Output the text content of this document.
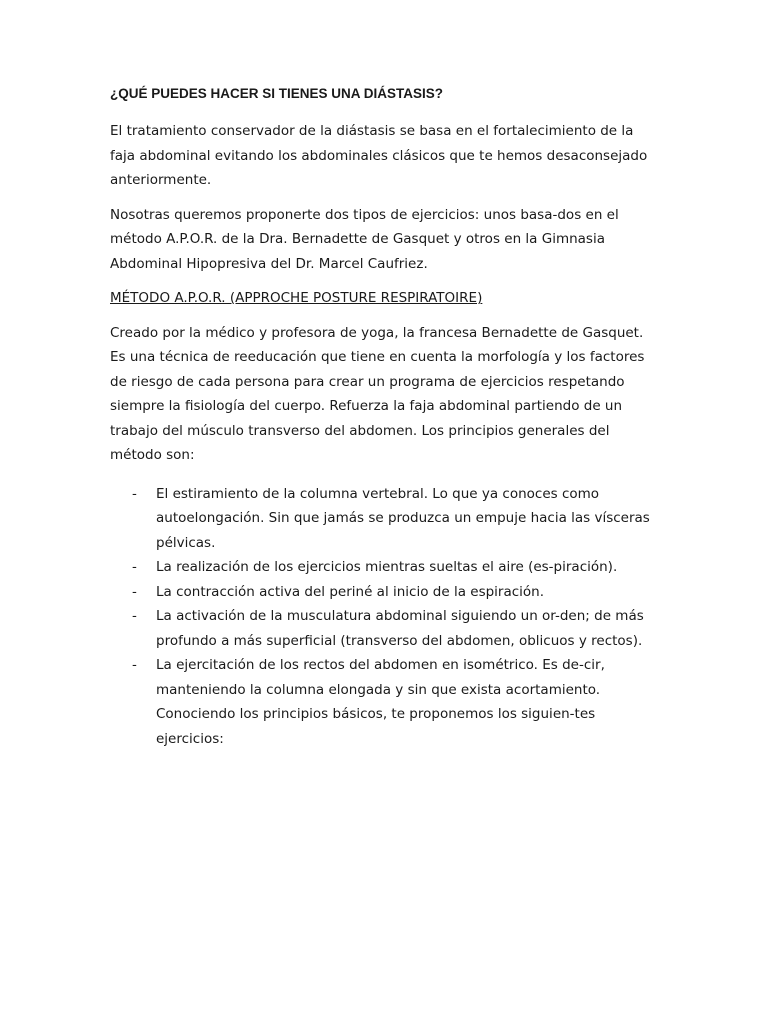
¿QUÉ PUEDES HACER SI TIENES UNA DIÁSTASIS?

El tratamiento conservador de la diástasis se basa en el fortalecimiento de la faja abdominal evitando los abdominales clásicos que te hemos desaconsejado anteriormente.

Nosotras queremos proponerte dos tipos de ejercicios: unos basa-dos en el método A.P.O.R. de la Dra. Bernadette de Gasquet y otros en la Gimnasia Abdominal Hipopresiva del Dr. Marcel Caufriez.

MÉTODO A.P.O.R. (APPROCHE POSTURE RESPIRATOIRE)

Creado por la médico y profesora de yoga, la francesa Bernadette de Gasquet. Es una técnica de reeducación que tiene en cuenta la morfología y los factores de riesgo de cada persona para crear un programa de ejercicios respetando siempre la fisiología del cuerpo. Refuerza la faja abdominal partiendo de un trabajo del músculo transverso del abdomen. Los principios generales del método son:

- El estiramiento de la columna vertebral. Lo que ya conoces como autoelongación. Sin que jamás se produzca un empuje hacia las vísceras pélvicas.
- La realización de los ejercicios mientras sueltas el aire (es-piración).
- La contracción activa del periné al inicio de la espiración.
- La activación de la musculatura abdominal siguiendo un or-den; de más profundo a más superficial (transverso del abdomen, oblicuos y rectos).
- La ejercitación de los rectos del abdomen en isométrico. Es de-cir, manteniendo la columna elongada y sin que exista acortamiento. Conociendo los principios básicos, te proponemos los siguien-tes ejercicios:
